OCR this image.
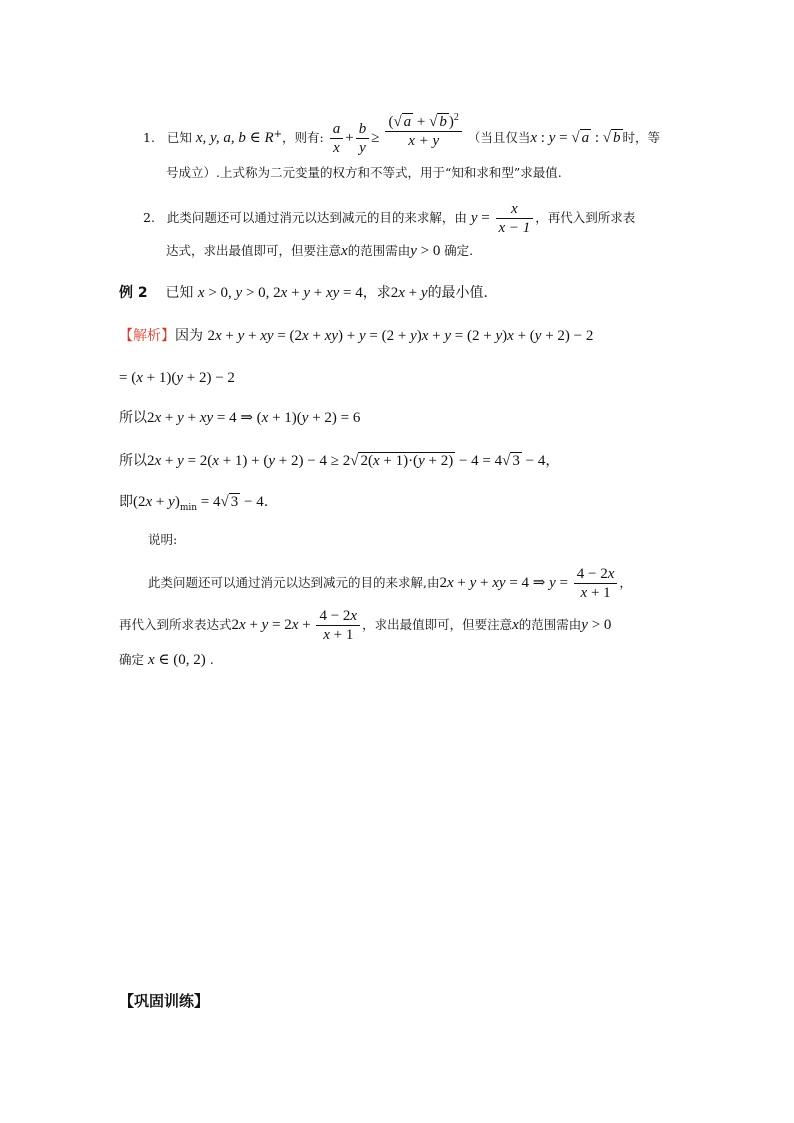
1. 已知 x, y, a, b ∈ R+，则有: $\frac{a}{x} + \frac{b}{y} \ge \frac{(√ a + √ b )^2}{x + y}$ （当且仅当x : y = √ a : √ b 时，等
号成立）.上式称为二元变量的权方和不等式，用于“知和求和型”求最值.
2. 此类问题还可以通过消元以达到减元的目的来求解，由 $y = \frac{x}{x - 1}$ ，再代入到所求表
达式，求出最值即可，但要注意x的范围需由y > 0 确定.
例 2 已知 x > 0, y > 0, 2x + y + xy = 4，求2x + y的最小值.
【解析】因为 2x + y + xy = (2x + xy) + y = (2 + y)x + y = (2 + y)x + (y + 2) − 2
= (x + 1)(y + 2) − 2
所以2x + y + xy = 4 ⇒ (x + 1)(y + 2) = 6
所以2x + y = 2(x + 1) + (y + 2) − 4 ≥ 2√ 2(x + 1)·(y + 2) − 4 = 4√ 3 − 4，
即$(2x + y)_{min} = 4√$ 3 − 4.
说明:
此类问题还可以通过消元以达到减元的目的来求解,由2x + y + xy = 4 ⇒ $y = \frac{4 - 2x}{x + 1}$ ，
再代入到所求表达式$2x + y = 2x + \frac{4 - 2x}{x + 1}$ ，求出最值即可，但要注意x的范围需由y > 0
确定 x ∈ (0, 2) .
【巩固训练】
